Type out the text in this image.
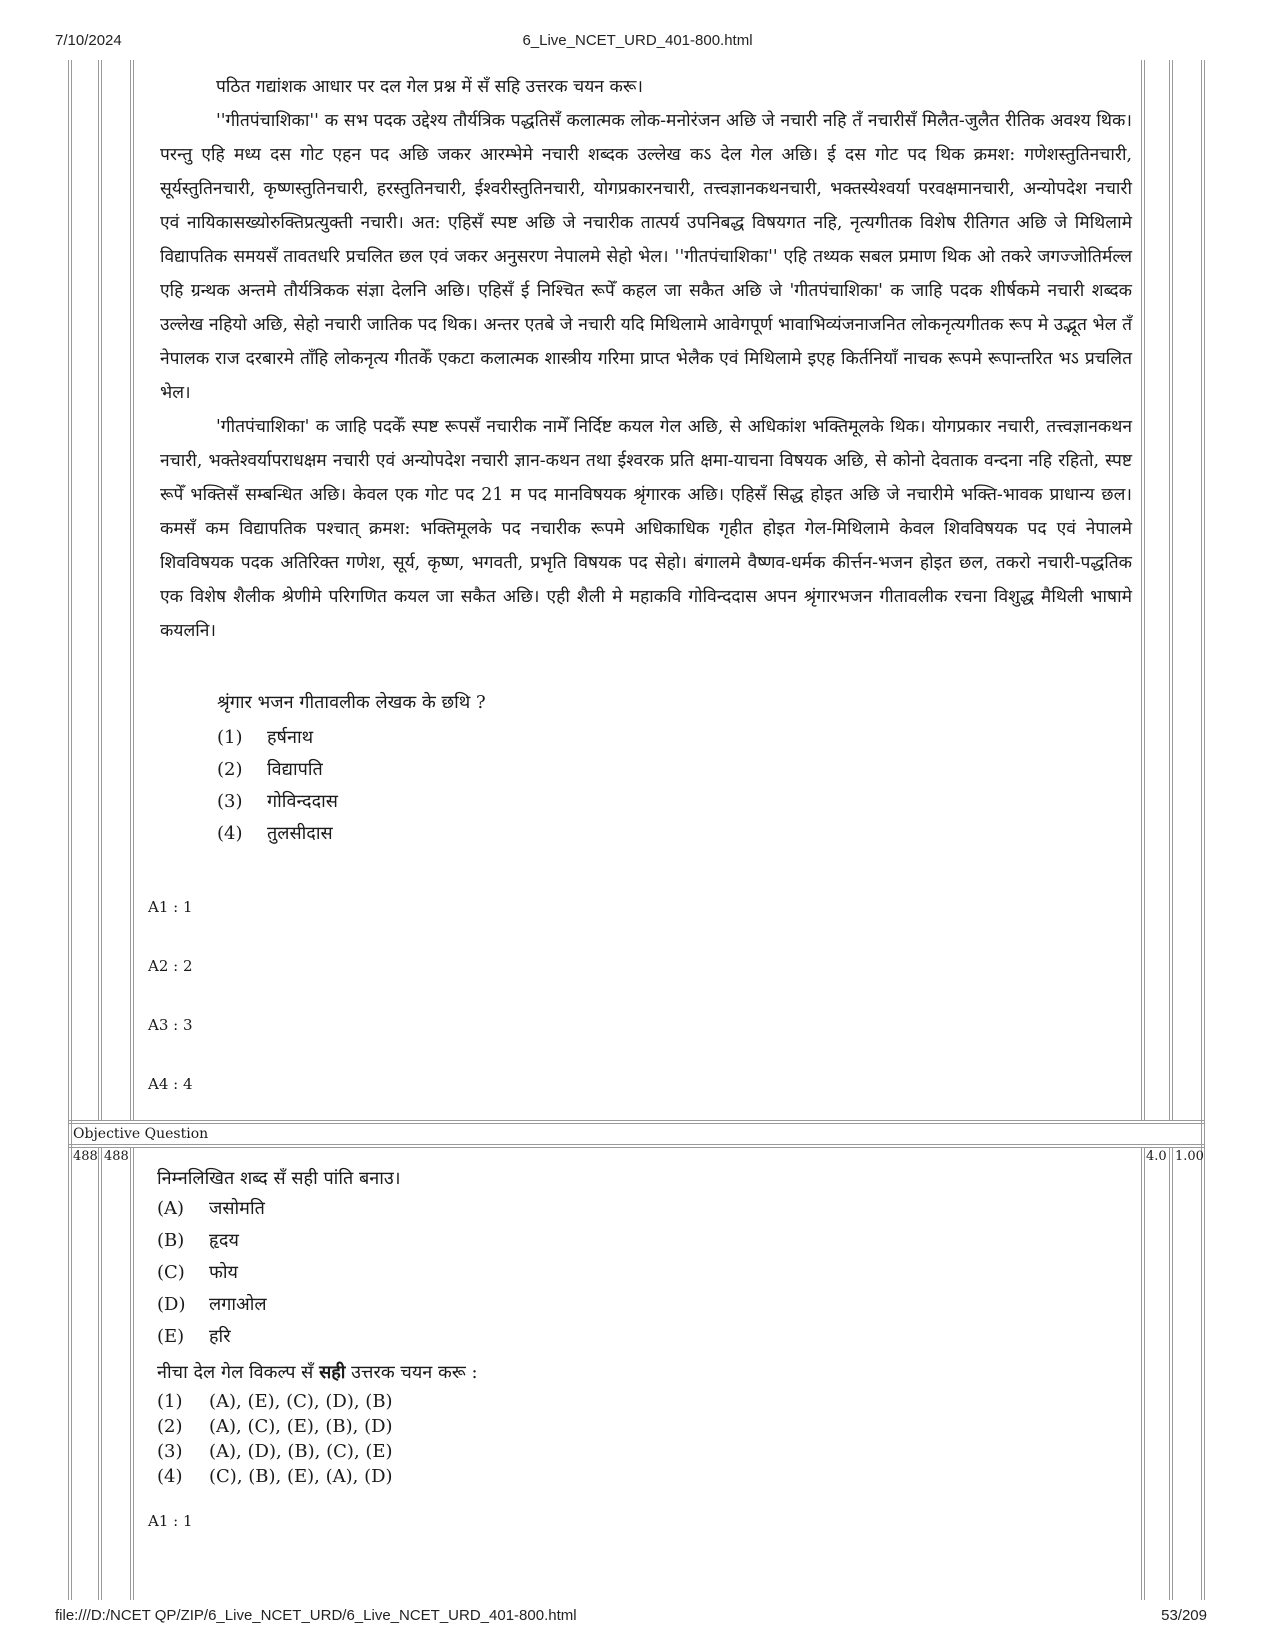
7/10/2024	6_Live_NCET_URD_401-800.html
file:///D:/NCET QP/ZIP/6_Live_NCET_URD/6_Live_NCET_URD_401-800.html	53/209

पठित गद्यांशक आधार पर दल गेल प्रश्न में सँ सहि उत्तरक चयन करू।

''गीतपंचाशिका'' क सभ पदक उद्देश्य तौर्यत्रिक पद्धतिसँ कलात्मक लोक-मनोरंजन अछि जे नचारी नहि तँ नचारीसँ मिलैत-जुलैत रीतिक अवश्य थिक। परन्तु एहि मध्य दस गोट एहन पद अछि जकर आरम्भेमे नचारी शब्दक उल्लेख कऽ देल गेल अछि। ई दस गोट पद थिक क्रमश: गणेशस्तुतिनचारी, सूर्यस्तुतिनचारी, कृष्णस्तुतिनचारी, हरस्तुतिनचारी, ईश्वरीस्तुतिनचारी, योगप्रकारनचारी, तत्त्वज्ञानकथनचारी, भक्तस्येश्वर्या परवक्षमानचारी, अन्योपदेश नचारी एवं नायिकासख्योरुक्तिप्रत्युक्ती नचारी। अत: एहिसँ स्पष्ट अछि जे नचारीक तात्पर्य उपनिबद्ध विषयगत नहि, नृत्यगीतक विशेष रीतिगत अछि जे मिथिलामे विद्यापतिक समयसँ तावतधरि प्रचलित छल एवं जकर अनुसरण नेपालमे सेहो भेल। ''गीतपंचाशिका'' एहि तथ्यक सबल प्रमाण थिक ओ तकरे जगज्जोतिर्मल्ल एहि ग्रन्थक अन्तमे तौर्यत्रिकक संज्ञा देलनि अछि। एहिसँ ई निश्चित रूपेँ कहल जा सकैत अछि जे 'गीतपंचाशिका' क जाहि पदक शीर्षकमे नचारी शब्दक उल्लेख नहियो अछि, सेहो नचारी जातिक पद थिक। अन्तर एतबे जे नचारी यदि मिथिलामे आवेगपूर्ण भावाभिव्यंजनाजनित लोकनृत्यगीतक रूप मे उद्भूत भेल तँ नेपालक राज दरबारमे ताँहि लोकनृत्य गीतकेँ एकटा कलात्मक शास्त्रीय गरिमा प्राप्त भेलैक एवं मिथिलामे इएह किर्तनियाँ नाचक रूपमे रूपान्तरित भऽ प्रचलित भेल।

'गीतपंचाशिका' क जाहि पदकेँ स्पष्ट रूपसँ नचारीक नामेँ निर्दिष्ट कयल गेल अछि, से अधिकांश भक्तिमूलके थिक। योगप्रकार नचारी, तत्त्वज्ञानकथन नचारी, भक्तेश्वर्यापराधक्षम नचारी एवं अन्योपदेश नचारी ज्ञान-कथन तथा ईश्वरक प्रति क्षमा-याचना विषयक अछि, से कोनो देवताक वन्दना नहि रहितो, स्पष्ट रूपेँ भक्तिसँ सम्बन्धित अछि। केवल एक गोट पद 21 म पद मानविषयक श्रृंगारक अछि। एहिसँ सिद्ध होइत अछि जे नचारीमे भक्ति-भावक प्राधान्य छल। कमसँ कम विद्यापतिक पश्चात् क्रमश: भक्तिमूलके पद नचारीक रूपमे अधिकाधिक गृहीत होइत गेल-मिथिलामे केवल शिवविषयक पद एवं नेपालमे शिवविषयक पदक अतिरिक्त गणेश, सूर्य, कृष्ण, भगवती, प्रभृति विषयक पद सेहो। बंगालमे वैष्णव-धर्मक कीर्त्तन-भजन होइत छल, तकरो नचारी-पद्धतिक एक विशेष शैलीक श्रेणीमे परिगणित कयल जा सकैत अछि। एही शैली मे महाकवि गोविन्ददास अपन श्रृंगारभजन गीतावलीक रचना विशुद्ध मैथिली भाषामे कयलनि।

श्रृंगार भजन गीतावलीक लेखक के छथि ?
(1) हर्षनाथ
(2) विद्यापति
(3) गोविन्ददास
(4) तुलसीदास
A1 : 1
A2 : 2
A3 : 3
A4 : 4
Objective Question
488 488	4.0 1.00
निम्नलिखित शब्द सँ सही पांति बनाउ।
(A) जसोमति
(B) हृदय
(C) फोय
(D) लगाओल
(E) हरि
नीचा देल गेल विकल्प सँ सही उत्तरक चयन करू :
(1) (A), (E), (C), (D), (B)
(2) (A), (C), (E), (B), (D)
(3) (A), (D), (B), (C), (E)
(4) (C), (B), (E), (A), (D)
A1 : 1
